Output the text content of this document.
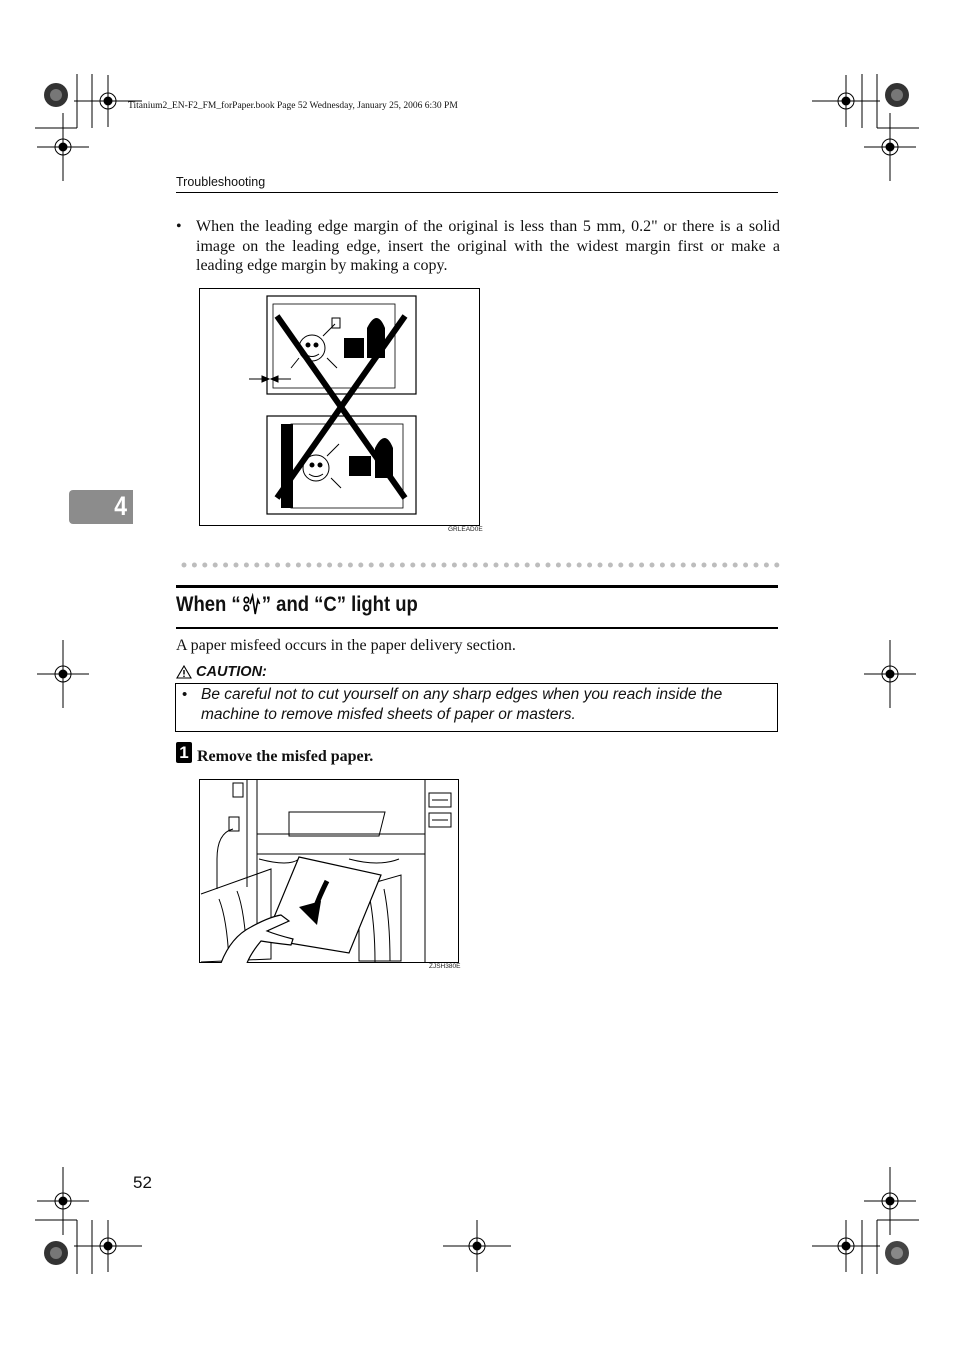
Titanium2_EN-F2_FM_forPaper.book Page 52 Wednesday, January 25, 2006 6:30 PM
Troubleshooting
• When the leading edge margin of the original is less than 5 mm, 0.2" or there is a solid image on the leading edge, insert the original with the widest margin first or make a leading edge margin by making a copy.
GRLEAD0E
4
When “ ” and “C” light up
A paper misfeed occurs in the paper delivery section.
CAUTION:
• Be careful not to cut yourself on any sharp edges when you reach inside the machine to remove misfed sheets of paper or masters.
1 Remove the misfed paper.
ZJSH380E
52
